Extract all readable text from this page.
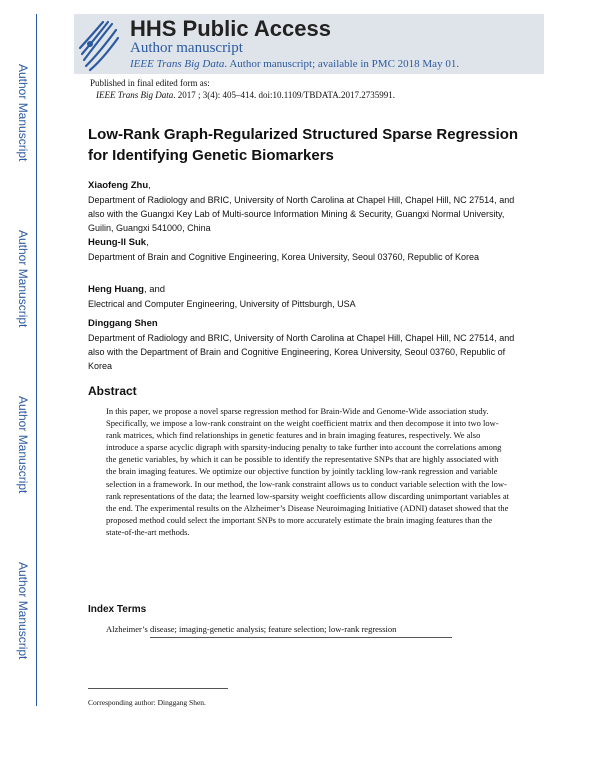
Author Manuscript
Author Manuscript
Author Manuscript
Author Manuscript
HHS Public Access
Author manuscript
IEEE Trans Big Data. Author manuscript; available in PMC 2018 May 01.
Published in final edited form as:
IEEE Trans Big Data. 2017 ; 3(4): 405–414. doi:10.1109/TBDATA.2017.2735991.
Low-Rank Graph-Regularized Structured Sparse Regression for Identifying Genetic Biomarkers
Xiaofeng Zhu,
Department of Radiology and BRIC, University of North Carolina at Chapel Hill, Chapel Hill, NC 27514, and also with the Guangxi Key Lab of Multi-source Information Mining & Security, Guangxi Normal University, Guilin, Guangxi 541000, China
Heung-Il Suk,
Department of Brain and Cognitive Engineering, Korea University, Seoul 03760, Republic of Korea
Heng Huang, and
Electrical and Computer Engineering, University of Pittsburgh, USA
Dinggang Shen
Department of Radiology and BRIC, University of North Carolina at Chapel Hill, Chapel Hill, NC 27514, and also with the Department of Brain and Cognitive Engineering, Korea University, Seoul 03760, Republic of Korea
Abstract
In this paper, we propose a novel sparse regression method for Brain-Wide and Genome-Wide association study. Specifically, we impose a low-rank constraint on the weight coefficient matrix and then decompose it into two low-rank matrices, which find relationships in genetic features and in brain imaging features, respectively. We also introduce a sparse acyclic digraph with sparsity-inducing penalty to take further into account the correlations among the genetic variables, by which it can be possible to identify the representative SNPs that are highly associated with the brain imaging features. We optimize our objective function by jointly tackling low-rank regression and variable selection in a framework. In our method, the low-rank constraint allows us to conduct variable selection with the low-rank representations of the data; the learned low-sparsity weight coefficients allow discarding unimportant variables at the end. The experimental results on the Alzheimer’s Disease Neuroimaging Initiative (ADNI) dataset showed that the proposed method could select the important SNPs to more accurately estimate the brain imaging features than the state-of-the-art methods.
Index Terms
Alzheimer’s disease; imaging-genetic analysis; feature selection; low-rank regression
Corresponding author: Dinggang Shen.
